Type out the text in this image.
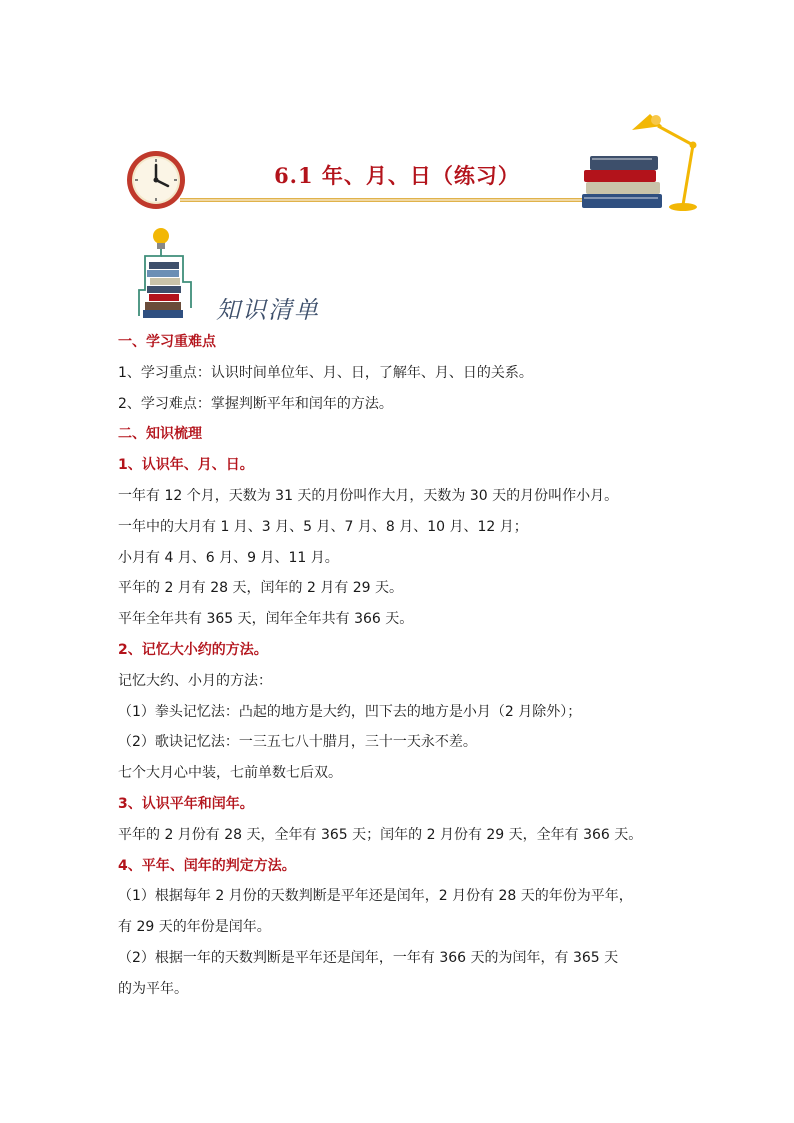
6.1 年、月、日（练习）
知识清单
一、学习重难点
1、学习重点：认识时间单位年、月、日，了解年、月、日的关系。
2、学习难点：掌握判断平年和闰年的方法。
二、知识梳理
1、认识年、月、日。
一年有 12 个月，天数为 31 天的月份叫作大月，天数为 30 天的月份叫作小月。
一年中的大月有 1 月、3 月、5 月、7 月、8 月、10 月、12 月；
小月有 4 月、6 月、9 月、11 月。
平年的 2 月有 28 天，闰年的 2 月有 29 天。
平年全年共有 365 天，闰年全年共有 366 天。
2、记忆大小约的方法。
记忆大约、小月的方法：
（1）拳头记忆法：凸起的地方是大约，凹下去的地方是小月（2 月除外）；
（2）歌诀记忆法：一三五七八十腊月，三十一天永不差。
七个大月心中装，七前单数七后双。
3、认识平年和闰年。
平年的 2 月份有 28 天，全年有 365 天；闰年的 2 月份有 29 天，全年有 366 天。
4、平年、闰年的判定方法。
（1）根据每年 2 月份的天数判断是平年还是闰年，2 月份有 28 天的年份为平年，
有 29 天的年份是闰年。
（2）根据一年的天数判断是平年还是闰年，一年有 366 天的为闰年，有 365 天
的为平年。
